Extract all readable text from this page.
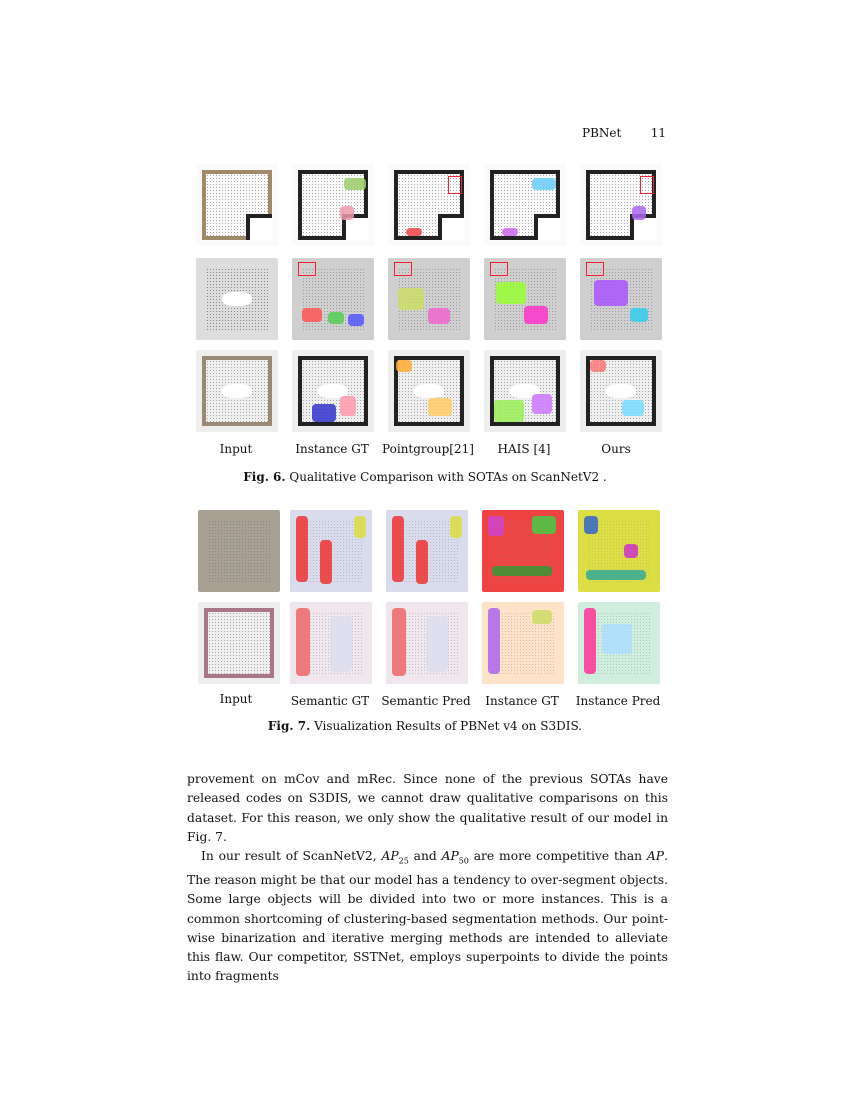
PBNet 11
Input	Instance GT	Pointgroup[21]	HAIS [4]	Ours
Fig. 6. Qualitative Comparison with SOTAs on ScanNetV2 .
Input	Semantic GT	Semantic Pred	Instance GT	Instance Pred
Fig. 7. Visualization Results of PBNet v4 on S3DIS.

provement on mCov and mRec. Since none of the previous SOTAs have released codes on S3DIS, we cannot draw qualitative comparisons on this dataset. For this reason, we only show the qualitative result of our model in Fig. 7.

In our result of ScanNetV2, $AP_{25}$ and $AP_{50}$ are more competitive than AP. The reason might be that our model has a tendency to over-segment objects. Some large objects will be divided into two or more instances. This is a common shortcoming of clustering-based segmentation methods. Our point-wise binarization and iterative merging methods are intended to alleviate this flaw. Our competitor, SSTNet, employs superpoints to divide the points into fragments
